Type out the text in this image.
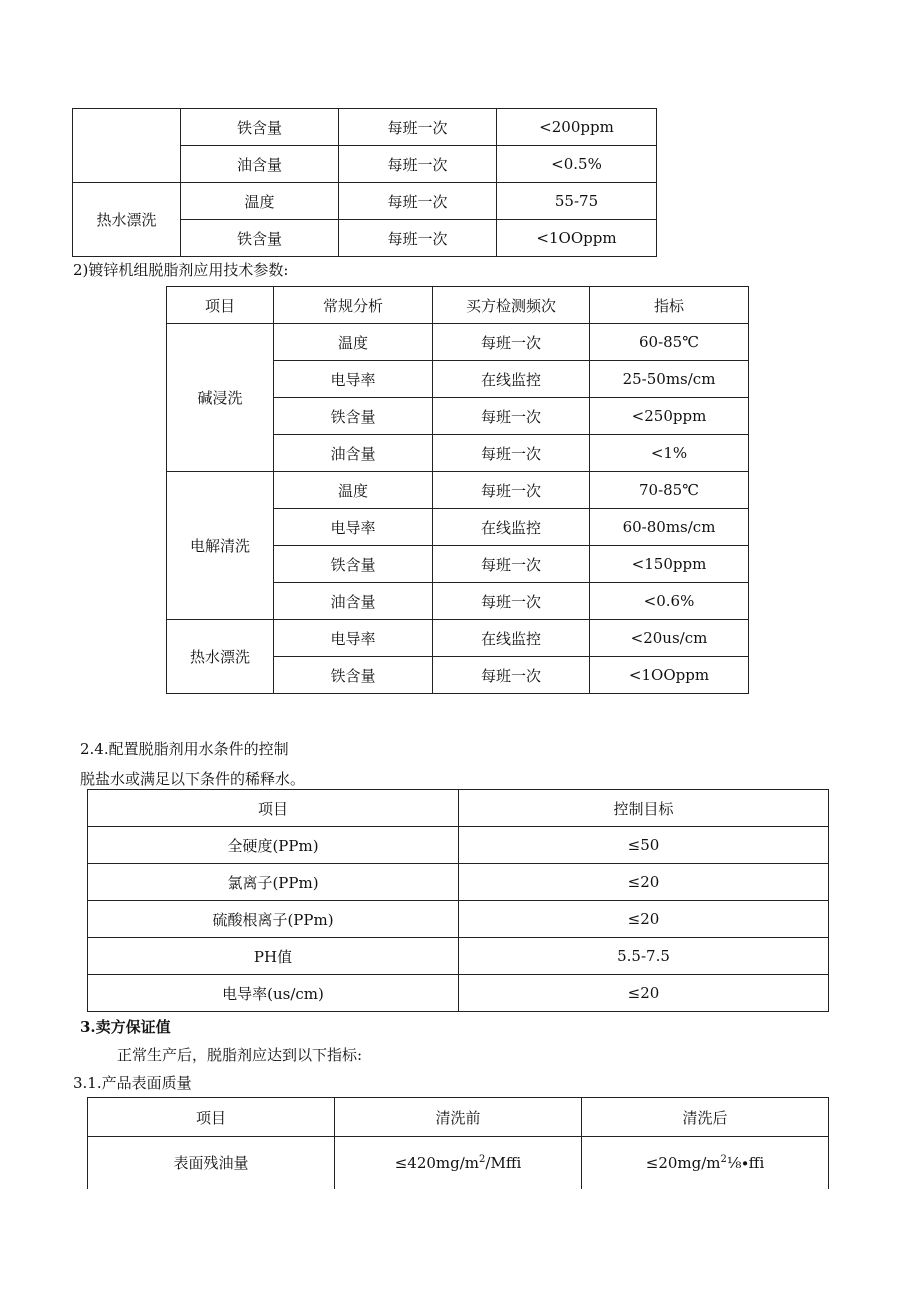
	铁含量	每班一次	<200ppm
	油含量	每班一次	<0.5%
热水漂洗	温度	每班一次	55-75
	铁含量	每班一次	<1OOppm
2)镀锌机组脱脂剂应用技术参数:
项目	常规分析	买方检测频次	指标
碱浸洗	温度	每班一次	60-85℃
	电导率	在线监控	25-50ms∕cm
	铁含量	每班一次	<250ppm
	油含量	每班一次	<1%
电解清洗	温度	每班一次	70-85℃
	电导率	在线监控	60-80ms∕cm
	铁含量	每班一次	<150ppm
	油含量	每班一次	<0.6%
热水漂洗	电导率	在线监控	<20us∕cm
	铁含量	每班一次	<1OOppm
2.4.配置脱脂剂用水条件的控制
脱盐水或满足以下条件的稀释水。
项目	控制目标
全硬度(PPm)	≤50
氯离子(PPm)	≤20
硫酸根离子(PPm)	≤20
PH值	5.5-7.5
电导率(us∕cm)	≤20
3.卖方保证值
正常生产后，脱脂剂应达到以下指标:
3.1.产品表面质量
项目	清洗前	清洗后
表面残油量	$\le 420mg∕m^2$/Mffi	$\le 20mg∕m^2\frac{1}{8}\cdot ffi$
